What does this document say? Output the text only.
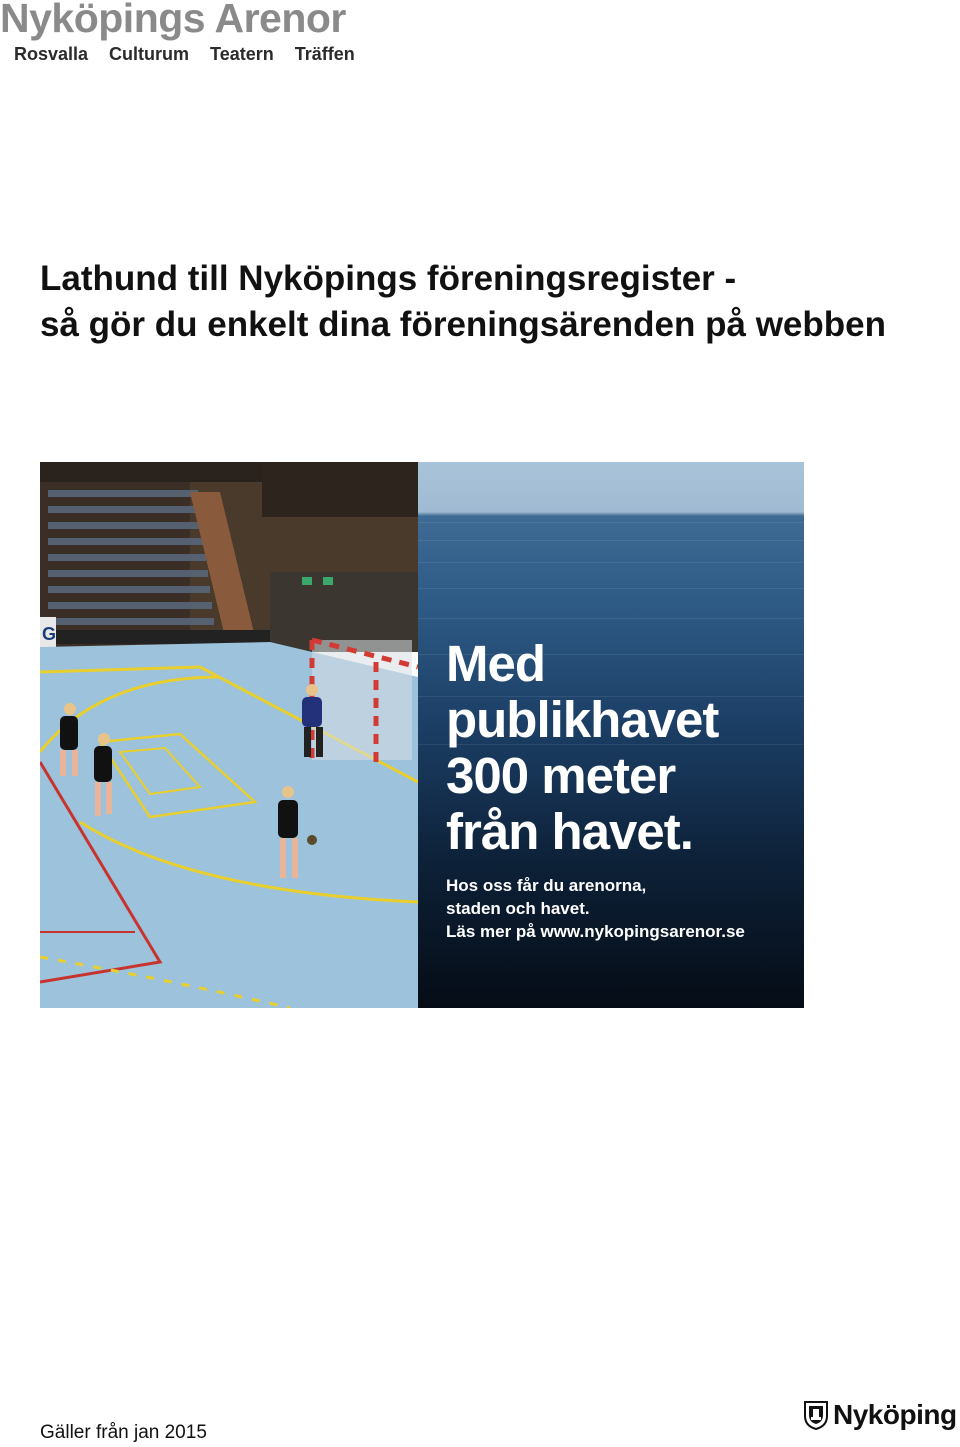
Nyköpings Arenor
Rosvalla Culturum Teatern Träffen
Lathund till Nyköpings föreningsregister -
så gör du enkelt dina föreningsärenden på webben
G
Med
publikhavet
300 meter
från havet.
Hos oss får du arenorna,
staden och havet.
Läs mer på www.nykopingsarenor.se
Gäller från jan 2015
Nyköping
